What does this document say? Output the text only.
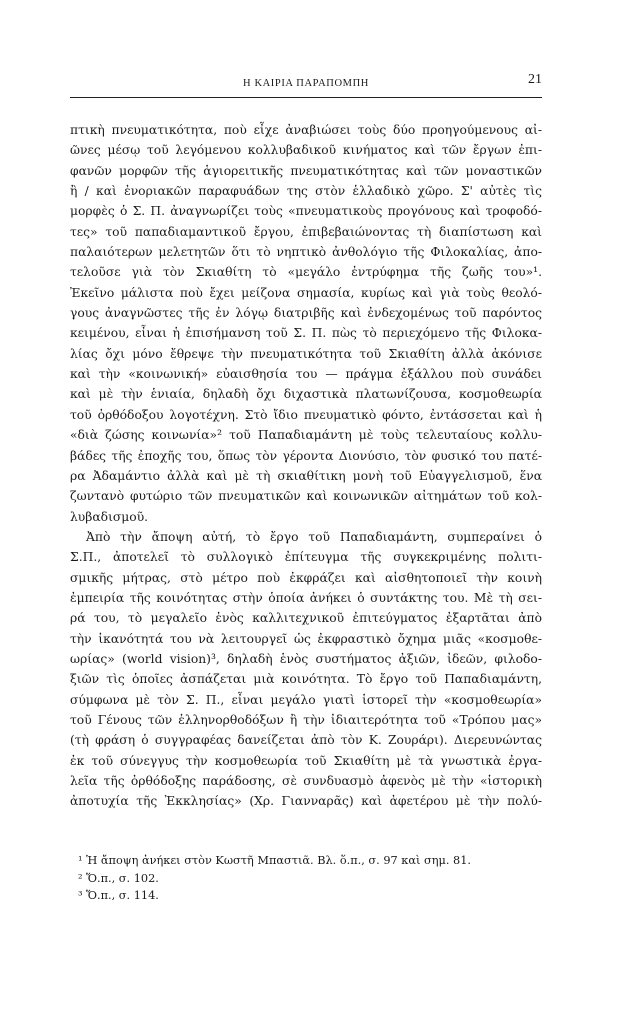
Η ΚΑΙΡΙΑ ΠΑΡΑΠΟΜΠΗ	21
πτικὴ πνευματικότητα, ποὺ εἶχε ἀναβιώσει τοὺς δύο προηγούμενους αἰ-
ῶνες μέσῳ τοῦ λεγόμενου κολλυβαδικοῦ κινήματος καὶ τῶν ἔργων ἐπι-
φανῶν μορφῶν τῆς ἁγιορειτικῆς πνευματικότητας καὶ τῶν μοναστικῶν
ἢ / καὶ ἐνοριακῶν παραφυάδων της στὸν ἑλλαδικὸ χῶρο. Σ' αὐτὲς τὶς
μορφὲς ὁ Σ. Π. ἀναγνωρίζει τοὺς «πνευματικοὺς προγόνους καὶ τροφοδό-
τες» τοῦ παπαδιαμαντικοῦ ἔργου, ἐπιβεβαιώνοντας τὴ διαπίστωση καὶ
παλαιότερων μελετητῶν ὅτι τὸ νηπτικὸ ἀνθολόγιο τῆς Φιλοκαλίας, ἀπο-
τελοῦσε γιὰ τὸν Σκιαθίτη τὸ «μεγάλο ἐντρύφημα τῆς ζωῆς του»¹.
Ἐκεῖνο μάλιστα ποὺ ἔχει μείζονα σημασία, κυρίως καὶ γιὰ τοὺς θεολό-
γους ἀναγνῶστες τῆς ἐν λόγῳ διατριβῆς καὶ ἐνδεχομένως τοῦ παρόντος
κειμένου, εἶναι ἡ ἐπισήμανση τοῦ Σ. Π. πὼς τὸ περιεχόμενο τῆς Φιλοκα-
λίας ὄχι μόνο ἔθρεψε τὴν πνευματικότητα τοῦ Σκιαθίτη ἀλλὰ ἀκόνισε
καὶ τὴν «κοινωνική» εὐαισθησία του — πράγμα ἐξάλλου ποὺ συνάδει
καὶ μὲ τὴν ἑνιαία, δηλαδὴ ὄχι διχαστικὰ πλατωνίζουσα, κοσμοθεωρία
τοῦ ὀρθόδοξου λογοτέχνη. Στὸ ἴδιο πνευματικὸ φόντο, ἐντάσσεται καὶ ἡ
«διὰ ζώσης κοινωνία»² τοῦ Παπαδιαμάντη μὲ τοὺς τελευταίους κολλυ-
βάδες τῆς ἐποχῆς του, ὅπως τὸν γέροντα Διονύσιο, τὸν φυσικό του πατέ-
ρα Ἀδαμάντιο ἀλλὰ καὶ μὲ τὴ σκιαθίτικη μονὴ τοῦ Εὐαγγελισμοῦ, ἕνα
ζωντανὸ φυτώριο τῶν πνευματικῶν καὶ κοινωνικῶν αἰτημάτων τοῦ κολ-
λυβαδισμοῦ.
Ἀπὸ τὴν ἄποψη αὐτή, τὸ ἔργο τοῦ Παπαδιαμάντη, συμπεραίνει ὁ
Σ.Π., ἀποτελεῖ τὸ συλλογικὸ ἐπίτευγμα τῆς συγκεκριμένης πολιτι-
σμικῆς μήτρας, στὸ μέτρο ποὺ ἐκφράζει καὶ αἰσθητοποιεῖ τὴν κοινὴ
ἐμπειρία τῆς κοινότητας στὴν ὁποία ἀνήκει ὁ συντάκτης του. Μὲ τὴ σει-
ρά του, τὸ μεγαλεῖο ἑνὸς καλλιτεχνικοῦ ἐπιτεύγματος ἐξαρτᾶται ἀπὸ
τὴν ἱκανότητά του νὰ λειτουργεῖ ὡς ἐκφραστικὸ ὄχημα μιᾶς «κοσμοθε-
ωρίας» (world vision)³, δηλαδὴ ἑνὸς συστήματος ἀξιῶν, ἰδεῶν, φιλοδο-
ξιῶν τὶς ὁποῖες ἀσπάζεται μιὰ κοινότητα. Τὸ ἔργο τοῦ Παπαδιαμάντη,
σύμφωνα μὲ τὸν Σ. Π., εἶναι μεγάλο γιατὶ ἱστορεῖ τὴν «κοσμοθεωρία»
τοῦ Γένους τῶν ἑλληνορθοδόξων ἢ τὴν ἰδιαιτερότητα τοῦ «Τρόπου μας»
(τὴ φράση ὁ συγγραφέας δανείζεται ἀπὸ τὸν Κ. Ζουράρι). Διερευνώντας
ἐκ τοῦ σύνεγγυς τὴν κοσμοθεωρία τοῦ Σκιαθίτη μὲ τὰ γνωστικὰ ἐργα-
λεῖα τῆς ὀρθόδοξης παράδοσης, σὲ συνδυασμὸ ἀφενὸς μὲ τὴν «ἱστορικὴ
ἀποτυχία τῆς Ἐκκλησίας» (Χρ. Γιανναρᾶς) καὶ ἀφετέρου μὲ τὴν πολύ-
¹ Ἡ ἄποψη ἀνήκει στὸν Κωστῆ Μπαστιᾶ. Βλ. ὅ.π., σ. 97 καὶ σημ. 81.
² Ὅ.π., σ. 102.
³ Ὅ.π., σ. 114.
